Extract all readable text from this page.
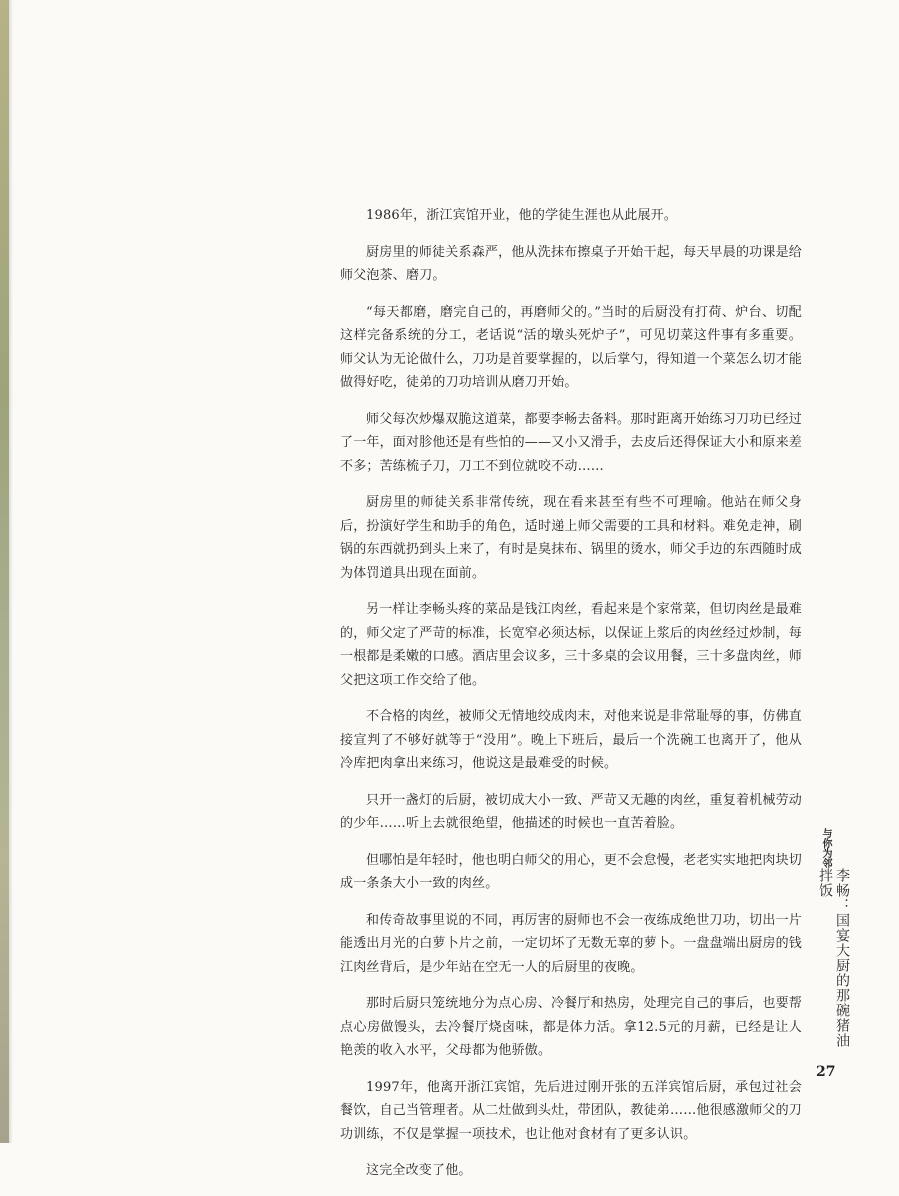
1986年，浙江宾馆开业，他的学徒生涯也从此展开。

厨房里的师徒关系森严，他从洗抹布擦桌子开始干起，每天早晨的功课是给师父泡茶、磨刀。

“每天都磨，磨完自己的，再磨师父的。”当时的后厨没有打荷、炉台、切配这样完备系统的分工，老话说“活的墩头死炉子”，可见切菜这件事有多重要。师父认为无论做什么，刀功是首要掌握的，以后掌勺，得知道一个菜怎么切才能做得好吃，徒弟的刀功培训从磨刀开始。

师父每次炒爆双脆这道菜，都要李畅去备料。那时距离开始练习刀功已经过了一年，面对胗他还是有些怕的——又小又滑手，去皮后还得保证大小和原来差不多；苦练梳子刀，刀工不到位就咬不动……

厨房里的师徒关系非常传统，现在看来甚至有些不可理喻。他站在师父身后，扮演好学生和助手的角色，适时递上师父需要的工具和材料。难免走神，刷锅的东西就扔到头上来了，有时是臭抹布、锅里的烫水，师父手边的东西随时成为体罚道具出现在面前。

另一样让李畅头疼的菜品是钱江肉丝，看起来是个家常菜，但切肉丝是最难的，师父定了严苛的标准，长宽窄必须达标，以保证上浆后的肉丝经过炒制，每一根都是柔嫩的口感。酒店里会议多，三十多桌的会议用餐，三十多盘肉丝，师父把这项工作交给了他。

不合格的肉丝，被师父无情地绞成肉末，对他来说是非常耻辱的事，仿佛直接宣判了不够好就等于“没用”。晚上下班后，最后一个洗碗工也离开了，他从冷库把肉拿出来练习，他说这是最难受的时候。

只开一盏灯的后厨，被切成大小一致、严苛又无趣的肉丝，重复着机械劳动的少年……听上去就很绝望，他描述的时候也一直苦着脸。

但哪怕是年轻时，他也明白师父的用心，更不会怠慢，老老实实地把肉块切成一条条大小一致的肉丝。

和传奇故事里说的不同，再厉害的厨师也不会一夜练成绝世刀功，切出一片能透出月光的白萝卜片之前，一定切坏了无数无辜的萝卜。一盘盘端出厨房的钱江肉丝背后，是少年站在空无一人的后厨里的夜晚。

那时后厨只笼统地分为点心房、冷餐厅和热房，处理完自己的事后，也要帮点心房做馒头，去冷餐厅烧卤味，都是体力活。拿12.5元的月薪，已经是让人艳羡的收入水平，父母都为他骄傲。

1997年，他离开浙江宾馆，先后进过刚开张的五洋宾馆后厨，承包过社会餐饮，自己当管理者。从二灶做到头灶，带团队，教徒弟……他很感激师父的刀功训练，不仅是掌握一项技术，也让他对食材有了更多认识。

这完全改变了他。

与你为邻
李畅：国宴大厨的那碗猪油拌饭
27
